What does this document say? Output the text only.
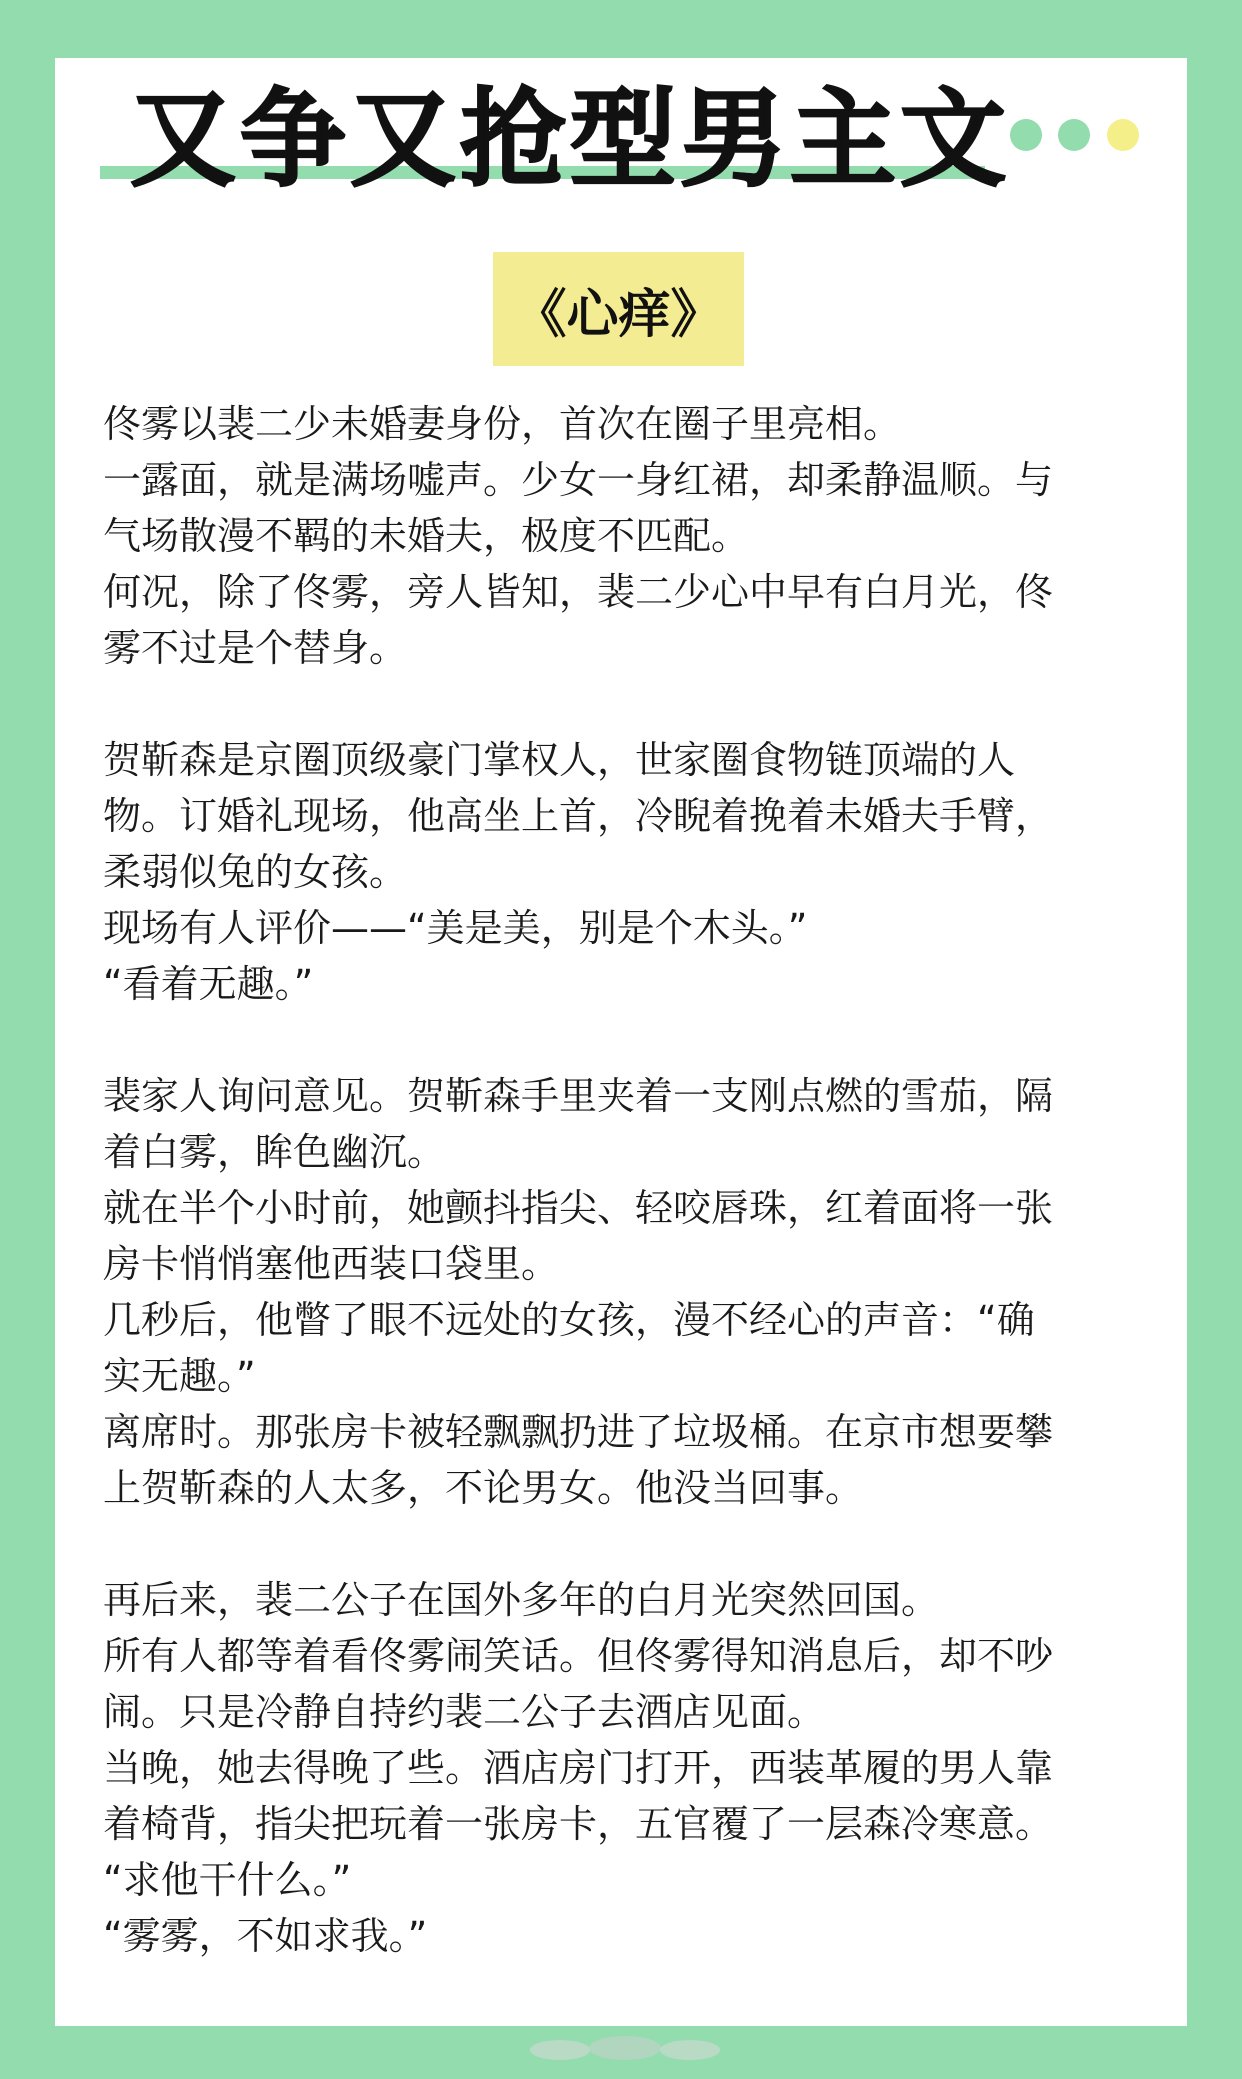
又争又抢型男主文
《心痒》

佟雾以裴二少未婚妻身份，首次在圈子里亮相。

一露面，就是满场嘘声。少女一身红裙，却柔静温顺。与

气场散漫不羁的未婚夫，极度不匹配。

何况，除了佟雾，旁人皆知，裴二少心中早有白月光，佟

雾不过是个替身。

贺靳森是京圈顶级豪门掌权人，世家圈食物链顶端的人

物。订婚礼现场，他高坐上首，冷睨着挽着未婚夫手臂，

柔弱似兔的女孩。

现场有人评价——“美是美，别是个木头。”

“看着无趣。”

裴家人询问意见。贺靳森手里夹着一支刚点燃的雪茄，隔

着白雾，眸色幽沉。

就在半个小时前，她颤抖指尖、轻咬唇珠，红着面将一张

房卡悄悄塞他西装口袋里。

几秒后，他瞥了眼不远处的女孩，漫不经心的声音：“确

实无趣。”

离席时。那张房卡被轻飘飘扔进了垃圾桶。在京市想要攀

上贺靳森的人太多，不论男女。他没当回事。

再后来，裴二公子在国外多年的白月光突然回国。

所有人都等着看佟雾闹笑话。但佟雾得知消息后，却不吵

闹。只是冷静自持约裴二公子去酒店见面。

当晚，她去得晚了些。酒店房门打开，西装革履的男人靠

着椅背，指尖把玩着一张房卡，五官覆了一层森冷寒意。

“求他干什么。”

“雾雾，不如求我。”
